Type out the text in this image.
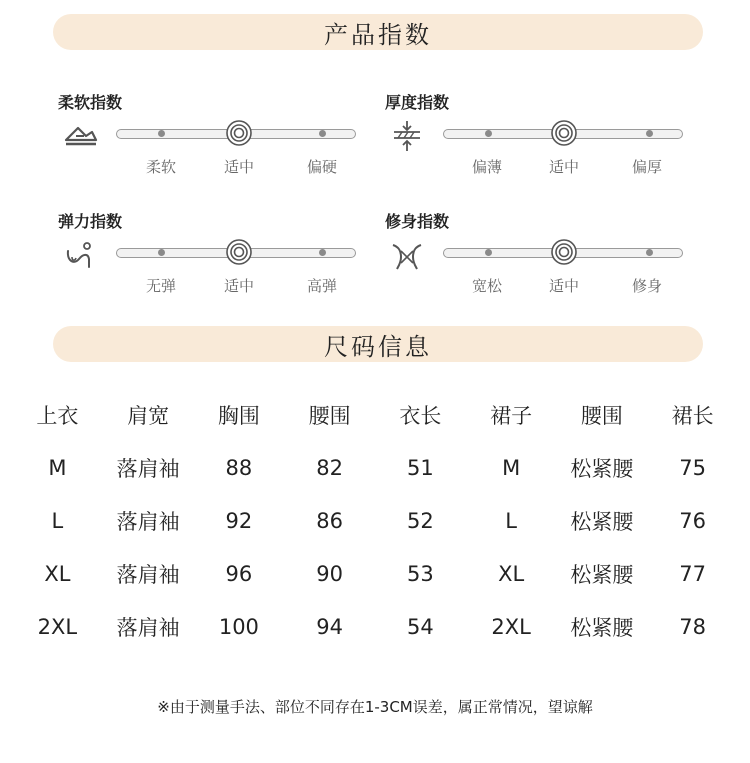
产品指数
柔软指数
柔软	适中	偏硬
厚度指数
偏薄	适中	偏厚
弹力指数
无弹	适中	高弹
修身指数
宽松	适中	修身
尺码信息
上衣	肩宽	胸围	腰围	衣长	裙子	腰围	裙长
M	落肩袖	88	82	51	M	松紧腰	75
L	落肩袖	92	86	52	L	松紧腰	76
XL	落肩袖	96	90	53	XL	松紧腰	77
2XL	落肩袖	100	94	54	2XL	松紧腰	78
※由于测量手法、部位不同存在1-3CM误差，属正常情况，望谅解
